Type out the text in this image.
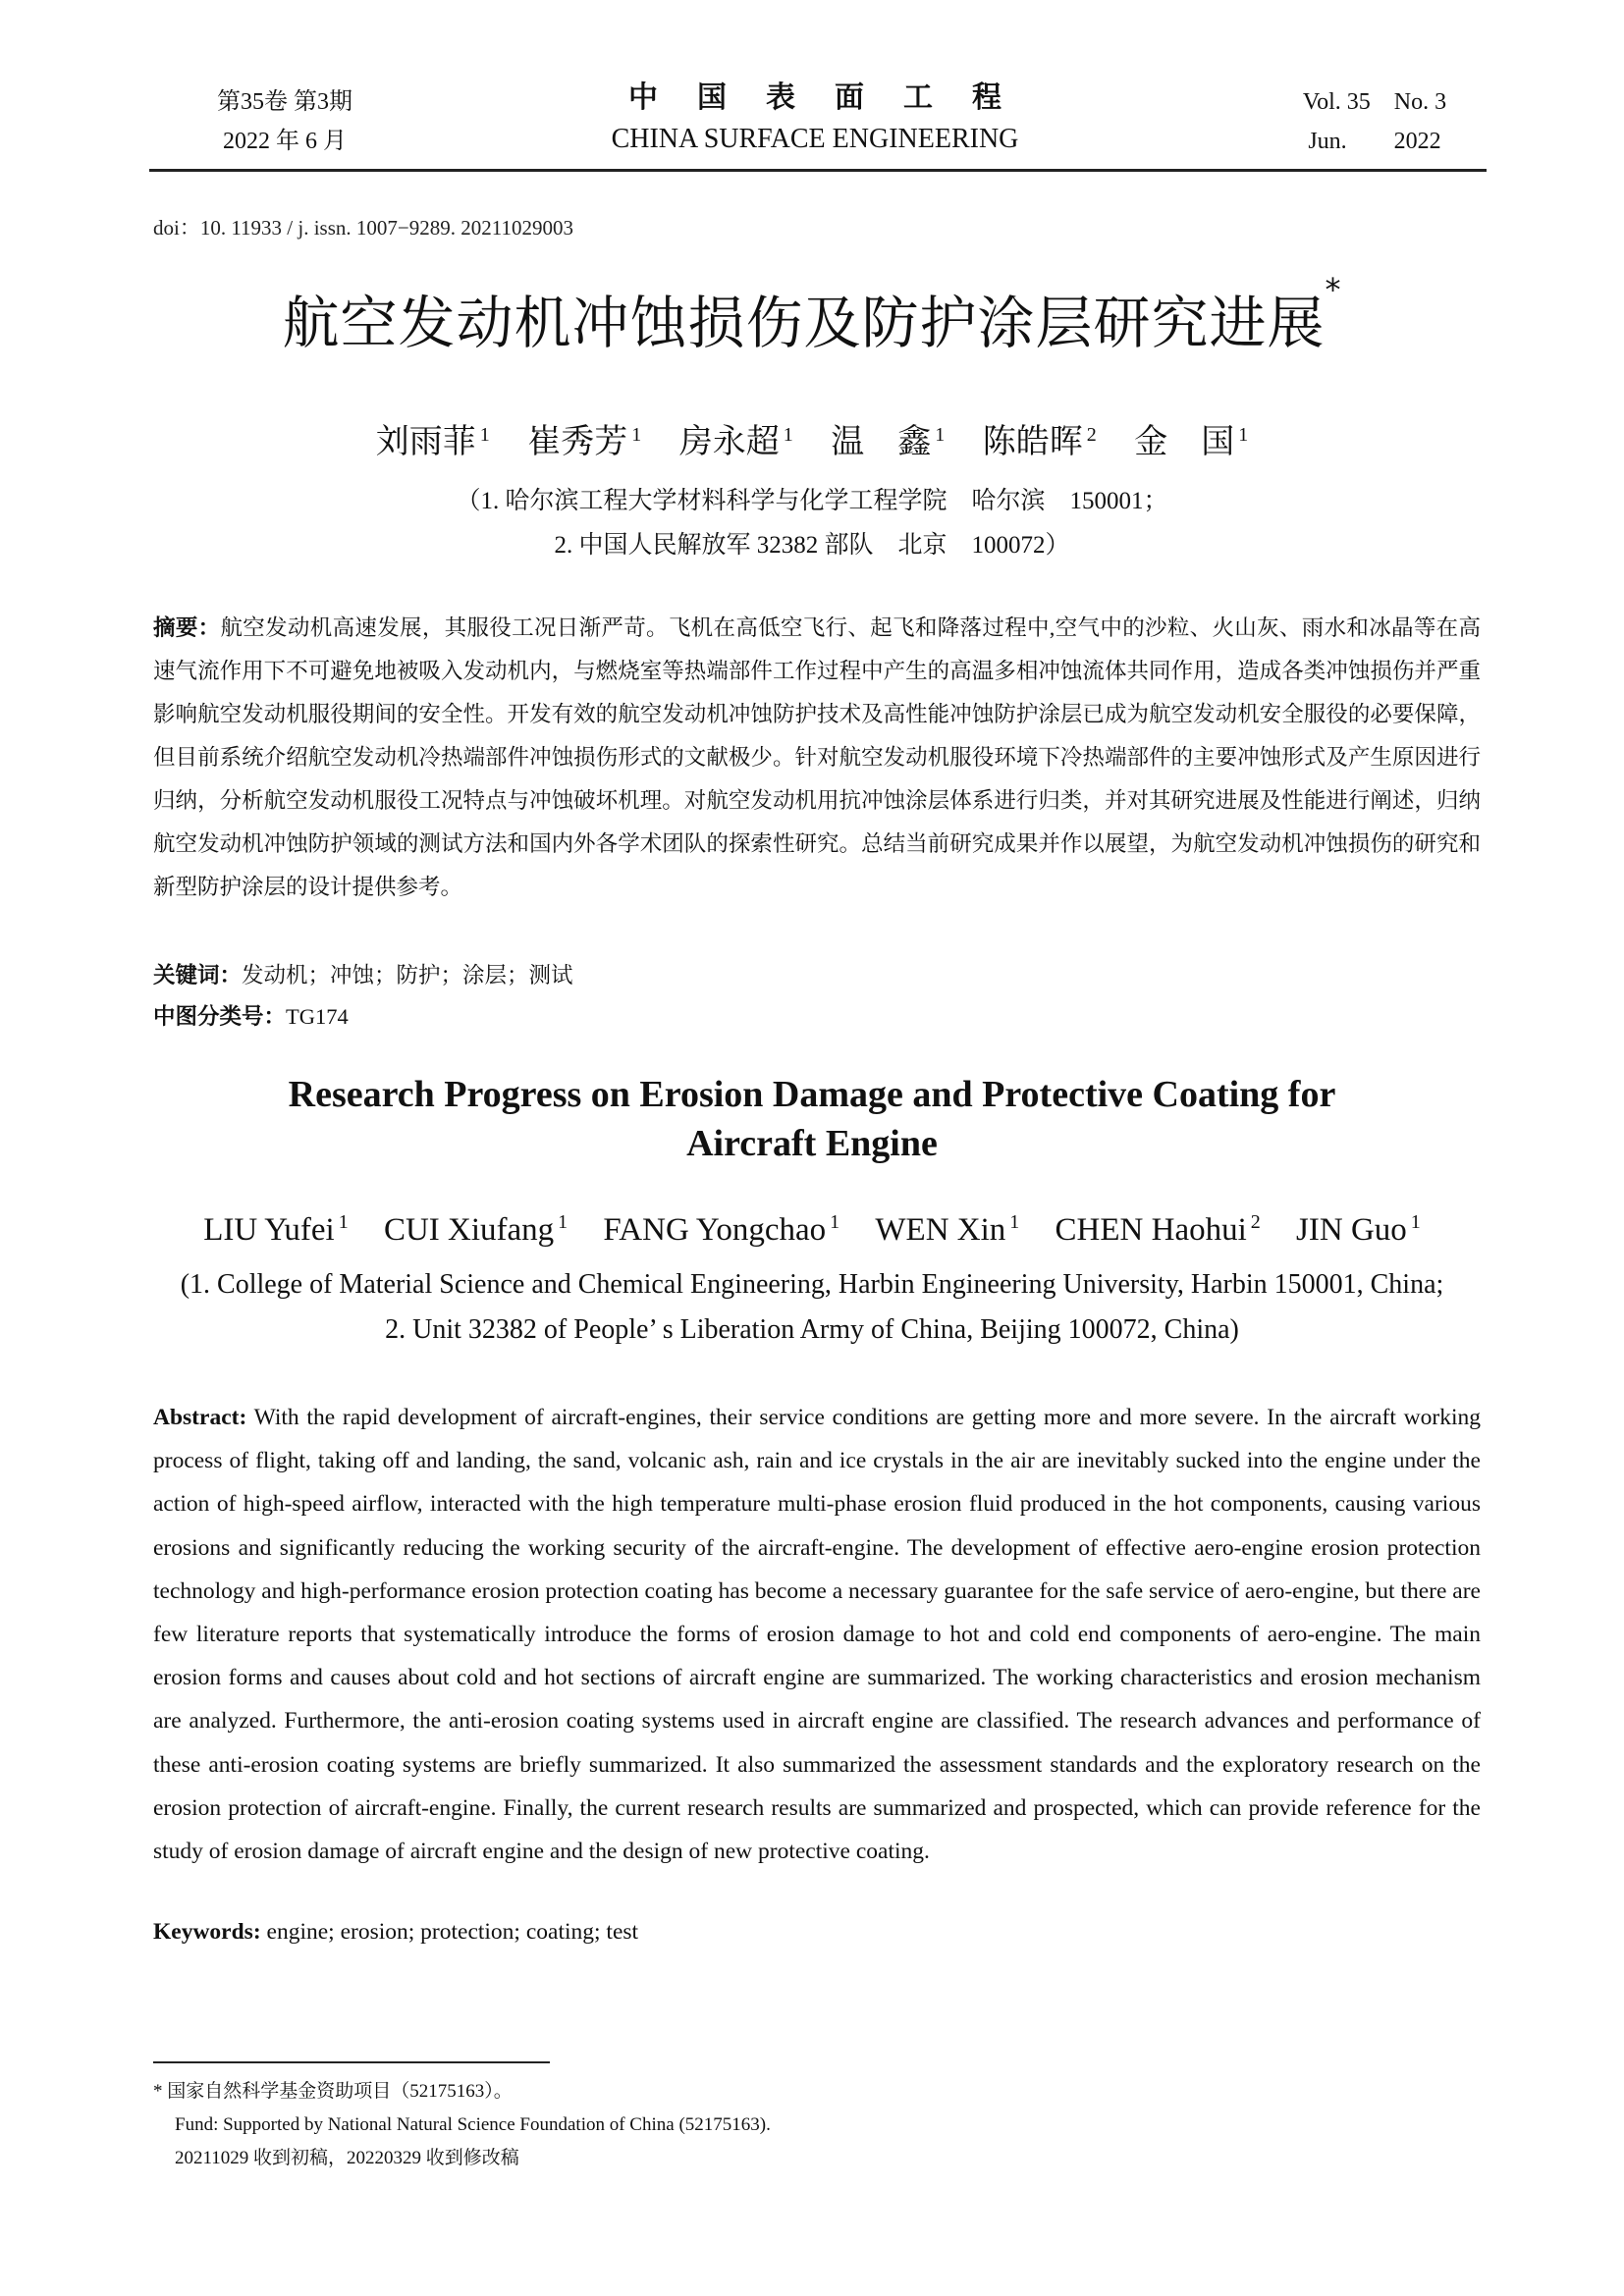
第35卷 第3期
2022 年 6 月
中国表面工程
CHINA SURFACE ENGINEERING
Vol. 35　No. 3
Jun.　　2022
doi：10. 11933 / j. issn. 1007−9289. 20211029003
航空发动机冲蚀损伤及防护涂层研究进展*
刘雨菲 $^1$ 崔秀芳 $^1$ 房永超 $^1$ 温　鑫 $^1$ 陈皓晖 $^2$ 金　国 $^1$
（1. 哈尔滨工程大学材料科学与化学工程学院　哈尔滨　150001；
2. 中国人民解放军 32382 部队　北京　100072）
摘要：航空发动机高速发展，其服役工况日渐严苛。飞机在高低空飞行、起飞和降落过程中,空气中的沙粒、火山灰、雨水和冰晶等在高速气流作用下不可避免地被吸入发动机内，与燃烧室等热端部件工作过程中产生的高温多相冲蚀流体共同作用，造成各类冲蚀损伤并严重影响航空发动机服役期间的安全性。开发有效的航空发动机冲蚀防护技术及高性能冲蚀防护涂层已成为航空发动机安全服役的必要保障，但目前系统介绍航空发动机冷热端部件冲蚀损伤形式的文献极少。针对航空发动机服役环境下冷热端部件的主要冲蚀形式及产生原因进行归纳，分析航空发动机服役工况特点与冲蚀破坏机理。对航空发动机用抗冲蚀涂层体系进行归类，并对其研究进展及性能进行阐述，归纳航空发动机冲蚀防护领域的测试方法和国内外各学术团队的探索性研究。总结当前研究成果并作以展望，为航空发动机冲蚀损伤的研究和新型防护涂层的设计提供参考。
关键词：发动机；冲蚀；防护；涂层；测试
中图分类号：TG174
Research Progress on Erosion Damage and Protective Coating for
Aircraft Engine
LIU Yufei $^1$ CUI Xiufang $^1$ FANG Yongchao $^1$ WEN Xin $^1$ CHEN Haohui $^2$ JIN Guo $^1$
(1. College of Material Science and Chemical Engineering, Harbin Engineering University, Harbin 150001, China;
2. Unit 32382 of People’ s Liberation Army of China, Beijing 100072, China)
Abstract: With the rapid development of aircraft-engines, their service conditions are getting more and more severe. In the aircraft working process of flight, taking off and landing, the sand, volcanic ash, rain and ice crystals in the air are inevitably sucked into the engine under the action of high-speed airflow, interacted with the high temperature multi-phase erosion fluid produced in the hot components, causing various erosions and significantly reducing the working security of the aircraft-engine. The development of effective aero-engine erosion protection technology and high-performance erosion protection coating has become a necessary guarantee for the safe service of aero-engine, but there are few literature reports that systematically introduce the forms of erosion damage to hot and cold end components of aero-engine. The main erosion forms and causes about cold and hot sections of aircraft engine are summarized. The working characteristics and erosion mechanism are analyzed. Furthermore, the anti-erosion coating systems used in aircraft engine are classified. The research advances and performance of these anti-erosion coating systems are briefly summarized. It also summarized the assessment standards and the exploratory research on the erosion protection of aircraft-engine. Finally, the current research results are summarized and prospected, which can provide reference for the study of erosion damage of aircraft engine and the design of new protective coating.
Keywords: engine; erosion; protection; coating; test
* 国家自然科学基金资助项目（52175163）。
Fund: Supported by National Natural Science Foundation of China (52175163).
20211029 收到初稿，20220329 收到修改稿
